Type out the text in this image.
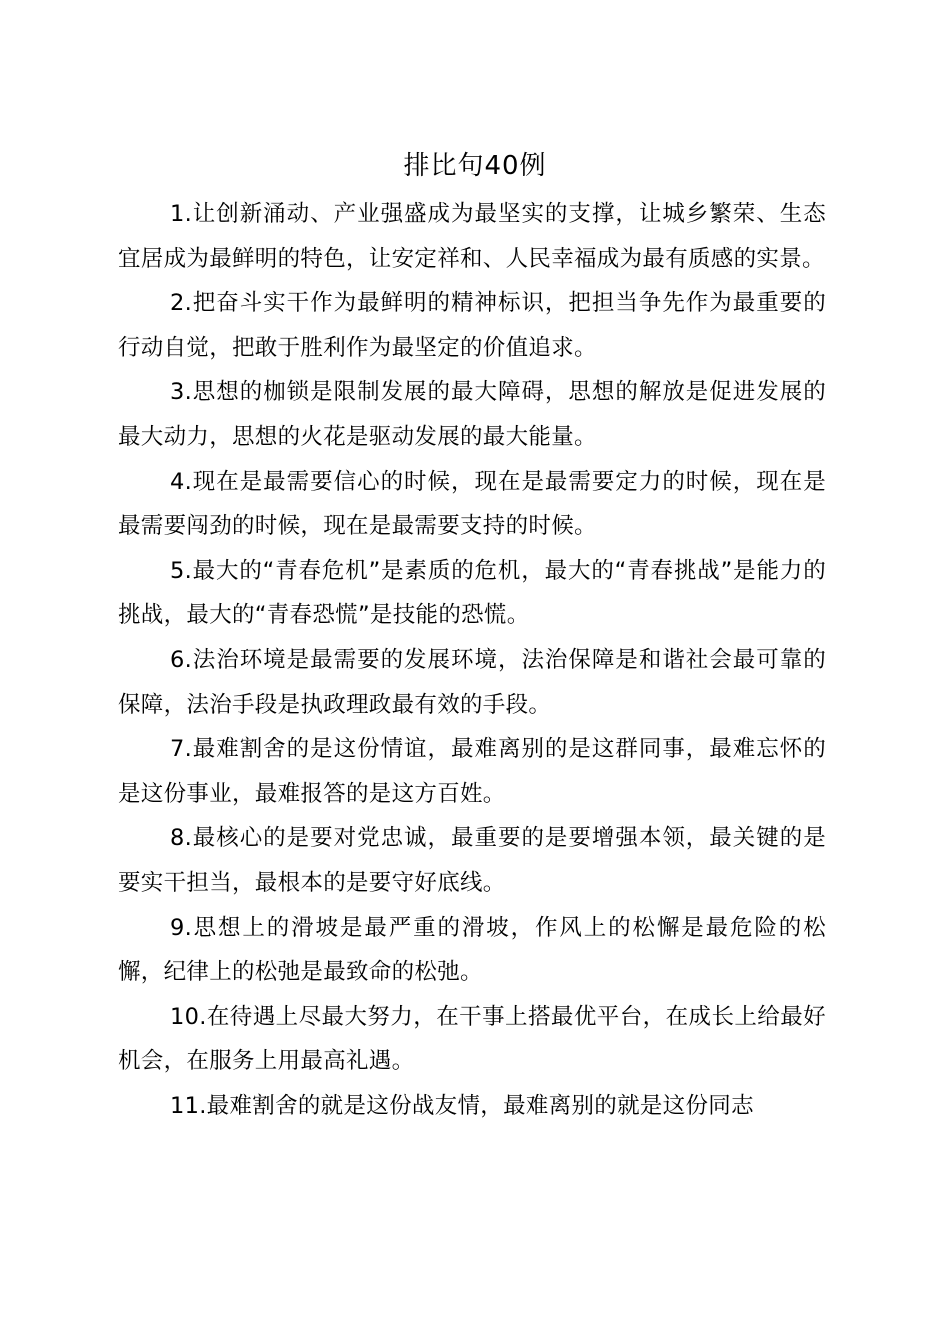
排比句40例

1.让创新涌动、产业强盛成为最坚实的支撑，让城乡繁荣、生态宜居成为最鲜明的特色，让安定祥和、人民幸福成为最有质感的实景。

2.把奋斗实干作为最鲜明的精神标识，把担当争先作为最重要的行动自觉，把敢于胜利作为最坚定的价值追求。

3.思想的枷锁是限制发展的最大障碍，思想的解放是促进发展的最大动力，思想的火花是驱动发展的最大能量。

4.现在是最需要信心的时候，现在是最需要定力的时候，现在是最需要闯劲的时候，现在是最需要支持的时候。

5.最大的“青春危机”是素质的危机，最大的“青春挑战”是能力的挑战，最大的“青春恐慌”是技能的恐慌。

6.法治环境是最需要的发展环境，法治保障是和谐社会最可靠的保障，法治手段是执政理政最有效的手段。

7.最难割舍的是这份情谊，最难离别的是这群同事，最难忘怀的是这份事业，最难报答的是这方百姓。

8.最核心的是要对党忠诚，最重要的是要增强本领，最关键的是要实干担当，最根本的是要守好底线。

9.思想上的滑坡是最严重的滑坡，作风上的松懈是最危险的松懈，纪律上的松弛是最致命的松弛。

10.在待遇上尽最大努力，在干事上搭最优平台，在成长上给最好机会，在服务上用最高礼遇。

11.最难割舍的就是这份战友情，最难离别的就是这份同志
